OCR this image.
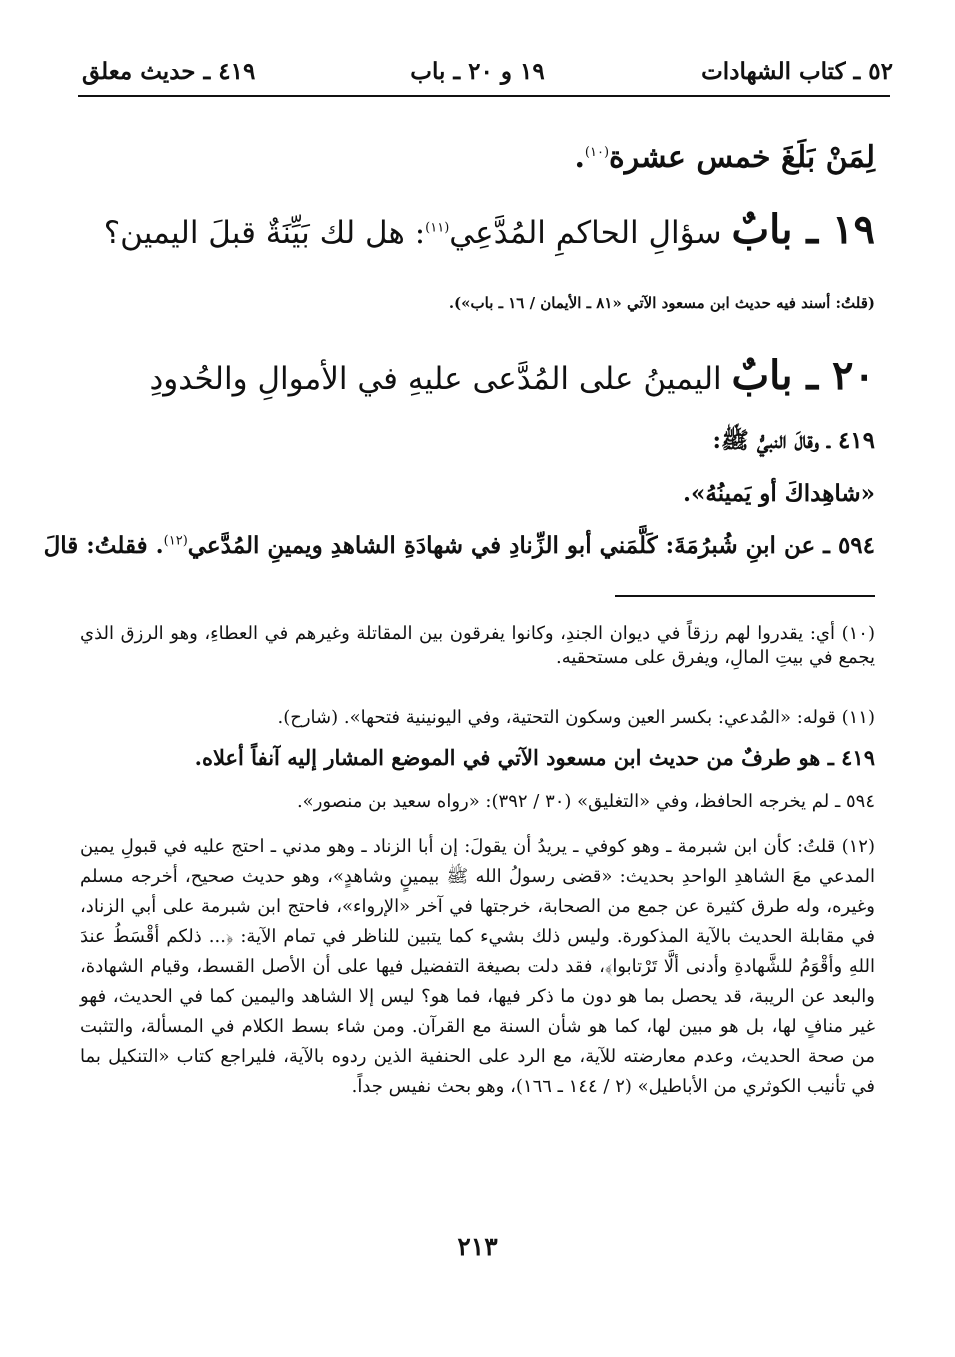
٥٢ ـ كتاب الشهادات
١٩ و ٢٠ ـ باب
٤١٩ ـ حديث معلق
لِمَنْ بَلَغَ خمس عشرة$^{(١٠)}$.
١٩ ـ بابٌ سؤالِ الحاكمِ المُدَّعِي$^{(١١)}$: هل لك بَيِّنَةٌ قبلَ اليمين؟
(قلتُ: أسند فيه حديث ابن مسعود الآتي «٨١ ـ الأيمان / ١٦ ـ باب»).
٢٠ ـ بابٌ اليمينُ على المُدَّعى عليهِ في الأموالِ والحُدودِ
٤١٩ ـ وقالَ النبيُّ ﷺ:
«شاهِداكَ أو يَمينُهُ».
٥٩٤ ـ عن ابنِ شُبرُمَةَ: كَلَّمَني أبو الزِّنادِ في شهادَةِ الشاهدِ ويمينِ المُدَّعي$^{(١٢)}$. فقلتُ: قالَ
(١٠) أي: يقدروا لهم رزقاً في ديوان الجندِ، وكانوا يفرقون بين المقاتلة وغيرهم في العطاءِ، وهو الرزق الذي يجمع في بيتِ المالِ، ويفرق على مستحقيه.
(١١) قوله: «المُدعي: بكسر العين وسكون التحتية، وفي اليونينية فتحها». (شارح).
٤١٩ ـ هو طرفٌ من حديث ابن مسعود الآتي في الموضع المشار إليه آنفاً أعلاه.
٥٩٤ ـ لم يخرجه الحافظ، وفي «التغليق» (٣٠ / ٣٩٢): «رواه سعيد بن منصور».
(١٢) قلتُ: كأن ابن شبرمة ـ وهو كوفي ـ يريدُ أن يقولَ: إن أبا الزناد ـ وهو مدني ـ احتج عليه في قبولِ يمين المدعي معَ الشاهدِ الواحدِ بحديث: «قضى رسولُ الله ﷺ بيمينٍ وشاهدٍ»، وهو حديث صحيح، أخرجه مسلم وغيره، وله طرق كثيرة عن جمع من الصحابة، خرجتها في آخر «الإرواء»، فاحتج ابن شبرمة على أبي الزناد، في مقابلة الحديث بالآية المذكورة. وليس ذلك بشيء كما يتبين للناظر في تمام الآية: ﴿... ذلكم أقْسَطُ عندَ اللهِ وأقْوَمُ للشَّهادةِ وأدنى ألَّا تَرْتابوا﴾، فقد دلت بصيغة التفضيل فيها على أن الأصل القسط، وقيام الشهادة، والبعد عن الريبة، قد يحصل بما هو دون ما ذكر فيها، فما هو؟ ليس إلا الشاهد واليمين كما في الحديث، فهو غير منافٍ لها، بل هو مبين لها، كما هو شأن السنة مع القرآن. ومن شاء بسط الكلام في المسألة، والتثبت من صحة الحديث، وعدم معارضته للآية، مع الرد على الحنفية الذين ردوه بالآية، فليراجع كتاب «التنكيل بما في تأنيب الكوثري من الأباطيل» (٢ / ١٤٤ ـ ١٦٦)، وهو بحث نفيس جداً.
٢١٣
